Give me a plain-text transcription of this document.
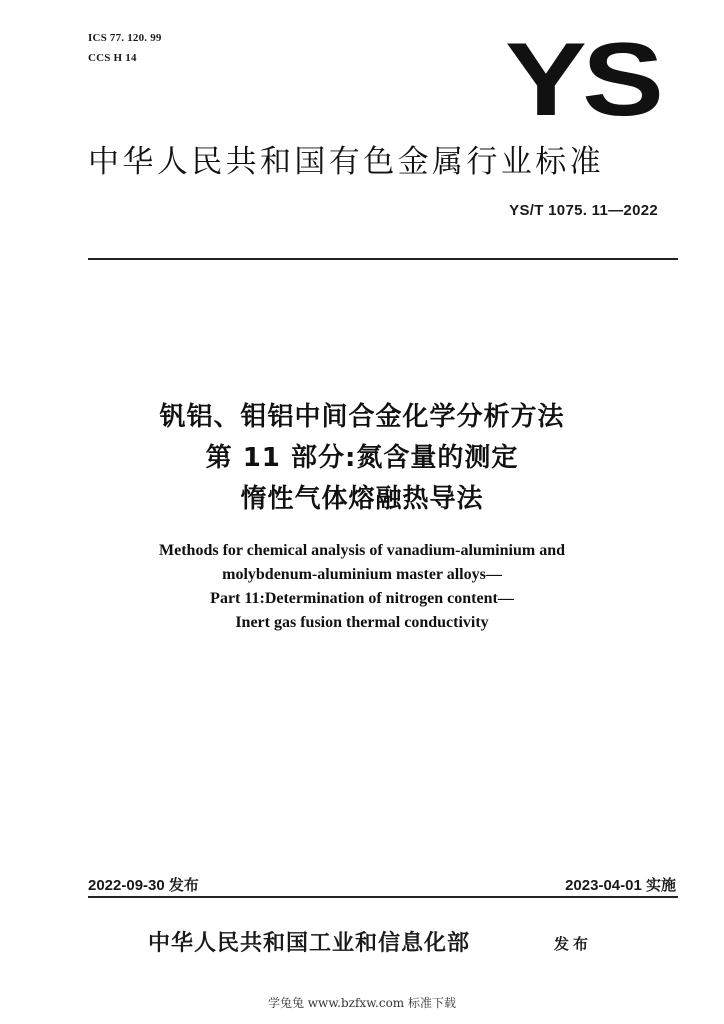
ICS 77. 120. 99
CCS H 14	YS
中华人民共和国有色金属行业标准
YS/T 1075. 11—2022
钒铝、钼铝中间合金化学分析方法
第 11 部分:氮含量的测定
惰性气体熔融热导法
Methods for chemical analysis of vanadium-aluminium and
molybdenum-aluminium master alloys—
Part 11:Determination of nitrogen content—
Inert gas fusion thermal conductivity
2022-09-30 发布	2023-04-01 实施
中华人民共和国工业和信息化部	发布
学兔兔 www.bzfxw.com 标准下载
